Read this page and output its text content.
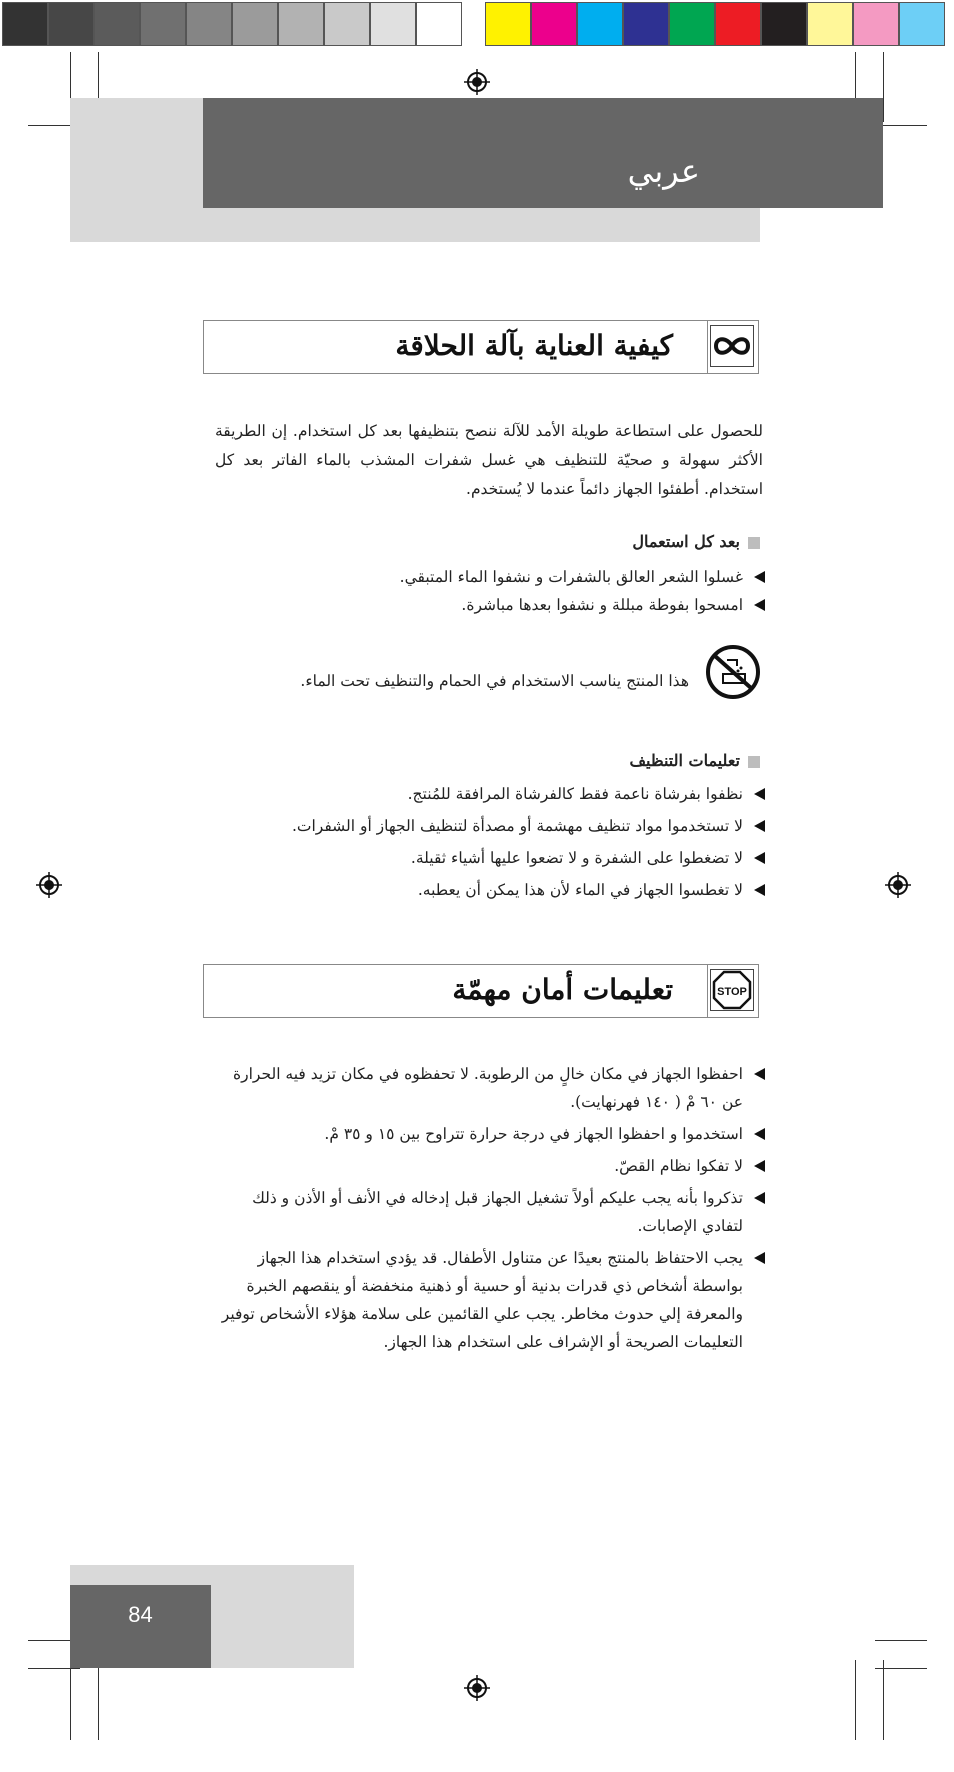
عربي
كيفية العناية بآلة الحلاقة
للحصول على استطاعة طويلة الأمد للآلة ننصح بتنظيفها بعد كل استخدام. إن الطريقة الأكثر سهولة و صحيّة للتنظيف هي غسل شفرات المشذب بالماء الفاتر بعد كل استخدام. أطفئوا الجهاز دائماً عندما لا يُستخدم.
بعد كل استعمال
غسلوا الشعر العالق بالشفرات و نشفوا الماء المتبقي.
امسحوا بفوطة مبللة و نشفوا بعدها مباشرة.
هذا المنتج يناسب الاستخدام في الحمام والتنظيف تحت الماء.
تعليمات التنظيف
نظفوا بفرشاة ناعمة فقط كالفرشاة المرافقة للمُنتج.
لا تستخدموا مواد تنظيف مهشمة أو مصدأة لتنظيف الجهاز أو الشفرات.
لا تضغطوا على الشفرة و لا تضعوا عليها أشياء ثقيلة.
لا تغطسوا الجهاز في الماء لأن هذا يمكن أن يعطبه.
تعليمات أمان مهمّة	STOP
احفظوا الجهاز في مكان خالٍ من الرطوبة. لا تحفظوه في مكان تزيد فيه الحرارة عن ٦٠ مْ ( ١٤٠ فهرنهايت).
استخدموا و احفظوا الجهاز في درجة حرارة تتراوح بين ١٥ و ٣٥ مْ.
لا تفكوا نظام القصّ.
تذكروا بأنه يجب عليكم أولاً تشغيل الجهاز قبل إدخاله في الأنف أو الأذن و ذلك لتفادي الإصابات.
يجب الاحتفاظ بالمنتج بعيدًا عن متناول الأطفال. قد يؤدي استخدام هذا الجهاز بواسطة أشخاص ذي قدرات بدنية أو حسية أو ذهنية منخفضة أو ينقصهم الخبرة والمعرفة إلي حدوث مخاطر. يجب علي القائمين على سلامة هؤلاء الأشخاص توفير التعليمات الصريحة أو الإشراف على استخدام هذا الجهاز.
84
